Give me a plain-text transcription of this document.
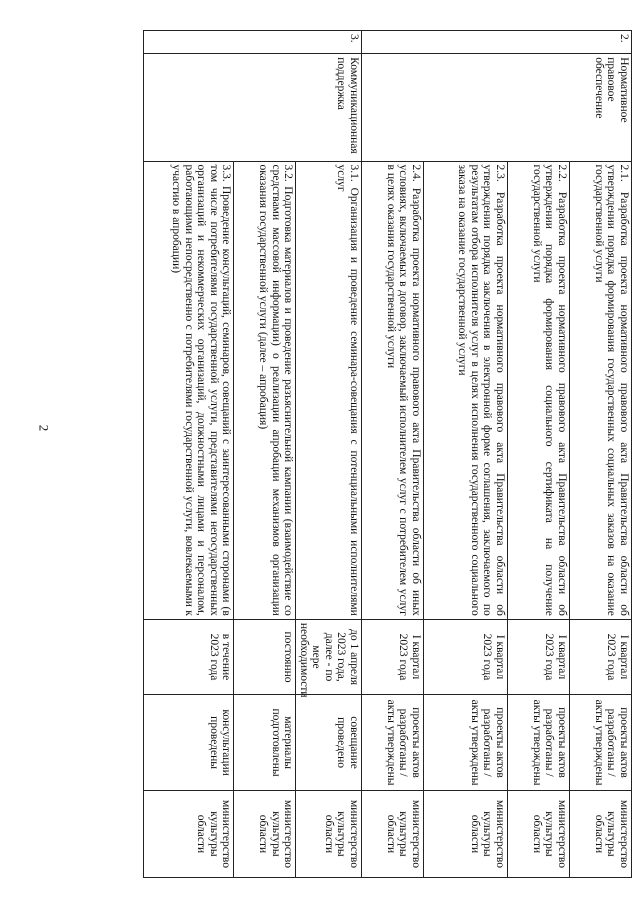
2
2.	Нормативное правовое обеспечение	2.1. Разработка проекта нормативного правового акта Правительства области об утверждении порядка формирования государственных социальных заказов на оказание государственной услуги	I квартал 2023 года	проекты актов разработаны / акты утверждены	министерство культуры области
		2.2. Разработка проекта нормативного правового акта Правительства области об утверждении порядка формирования социального сертификата на получение государственной услуги	I квартал 2023 года	проекты актов разработаны / акты утверждены	министерство культуры области
		2.3. Разработка проекта нормативного правового акта Правительства области об утверждении порядка заключения в электронной форме соглашения, заключаемого по результатам отбора исполнителя услуг в целях исполнения государственного социального заказа на оказание государственной услуги	I квартал 2023 года	проекты актов разработаны / акты утверждены	министерство культуры области
		2.4. Разработка проекта нормативного правового акта Правительства области об иных условиях, включаемых в договор, заключаемый исполнителем услуг с потребителем услуг в целях оказания государственной услуги	I квартал 2023 года	проекты актов разработаны / акты утверждены	министерство культуры области
3.	Коммуникационная поддержка	3.1. Организация и проведение семинара-совещания с потенциальными исполнителями услуг	до 1 апреля 2023 года, далее - по мере необходимости	совещание проведено	министерство культуры области
		3.2. Подготовка материалов и проведение разъяснительной кампании (взаимодействие со средствами массовой информации) о реализации апробации механизмов организации оказания государственной услуги (далее – апробация)	постоянно	материалы подготовлены	министерство культуры области
		3.3. Проведение консультаций, семинаров, совещаний с заинтересованными сторонами (в том числе потребителями государственной услуги, представителями негосударственных организаций и некоммерческих организаций, должностными лицами и персоналом, работающими непосредственно с потребителями государственной услуги, вовлекаемыми к участию в апробации)	в течение 2023 года	консультации проведены	министерство культуры области
